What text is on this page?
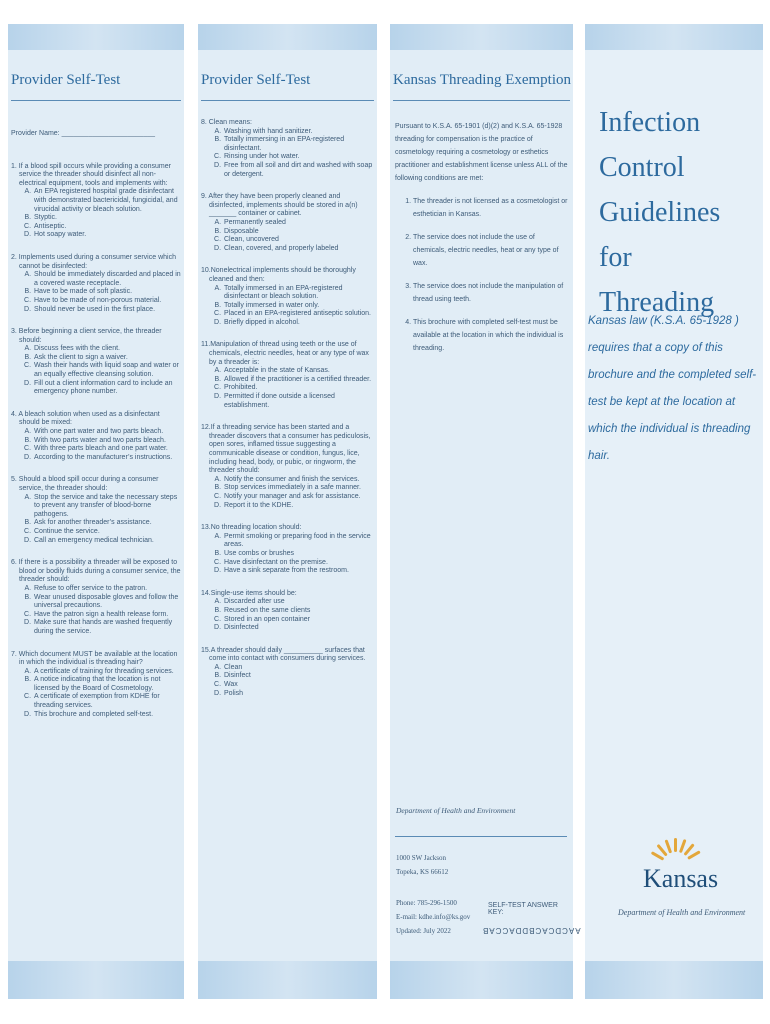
Provider Self-Test
Provider Name: ________________________
1. If a blood spill occurs while providing a consumer service the threader should disinfect all non-electrical equipment, tools and implements with:
A. An EPA registered hospital grade disinfectant with demonstrated bactericidal, fungicidal, and virucidal activity or bleach solution.
B. Styptic.
C. Antiseptic.
D. Hot soapy water.
2. Implements used during a consumer service which cannot be disinfected:
A. Should be immediately discarded and placed in a covered waste receptacle.
B. Have to be made of soft plastic.
C. Have to be made of non-porous material.
D. Should never be used in the first place.
3. Before beginning a client service, the threader should:
A. Discuss fees with the client.
B. Ask the client to sign a waiver.
C. Wash their hands with liquid soap and water or an equally effective cleansing solution.
D. Fill out a client information card to include an emergency phone number.
4. A bleach solution when used as a disinfectant should be mixed:
A. With one part water and two parts bleach.
B. With two parts water and two parts bleach.
C. With three parts bleach and one part water.
D. According to the manufacturer’s instructions.
5. Should a blood spill occur during a consumer service, the threader should:
A. Stop the service and take the necessary steps to prevent any transfer of blood-borne pathogens.
B. Ask for another threader’s assistance.
C. Continue the service.
D. Call an emergency medical technician.
6. If there is a possibility a threader will be exposed to blood or bodily fluids during a consumer service, the threader should:
A. Refuse to offer service to the patron.
B. Wear unused disposable gloves and follow the universal precautions.
C. Have the patron sign a health release form.
D. Make sure that hands are washed frequently during the service.
7. Which document MUST be available at the location in which the individual is threading hair?
A. A certificate of training for threading services.
B. A notice indicating that the location is not licensed by the Board of Cosmetology.
C. A certificate of exemption from KDHE for threading services.
D. This brochure and completed self-test.
Provider Self-Test
8. Clean means:
A. Washing with hand sanitizer.
B. Totally immersing in an EPA-registered disinfectant.
C. Rinsing under hot water.
D. Free from all soil and dirt and washed with soap or detergent.
9. After they have been properly cleaned and disinfected, implements should be stored in a(n) _______ container or cabinet.
A. Permanently sealed
B. Disposable
C. Clean, uncovered
D. Clean, covered, and properly labeled
10.Nonelectrical implements should be thoroughly cleaned and then:
A. Totally immersed in an EPA-registered disinfectant or bleach solution.
B. Totally immersed in water only.
C. Placed in an EPA-registered antiseptic solution.
D. Briefly dipped in alcohol.
11.Manipulation of thread using teeth or the use of chemicals, electric needles, heat or any type of wax by a threader is:
A. Acceptable in the state of Kansas.
B. Allowed if the practitioner is a certified threader.
C. Prohibited.
D. Permitted if done outside a licensed establishment.
12.If a threading service has been started and a threader discovers that a consumer has pediculosis, open sores, inflamed tissue suggesting a communicable disease or condition, fungus, lice, including head, body, or pubic, or ringworm, the threader should:
A. Notify the consumer and finish the services.
B. Stop services immediately in a safe manner.
C. Notify your manager and ask for assistance.
D. Report it to the KDHE.
13.No threading location should:
A. Permit smoking or preparing food in the service areas.
B. Use combs or brushes
C. Have disinfectant on the premise.
D. Have a sink separate from the restroom.
14.Single-use items should be:
A. Discarded after use
B. Reused on the same clients
C. Stored in an open container
D. Disinfected
15.A threader should daily __________ surfaces that come into contact with consumers during services.
A. Clean
B. Disinfect
C. Wax
D. Polish
Kansas Threading Exemption
Pursuant to K.S.A. 65-1901 (d)(2) and K.S.A. 65-1928 threading for compensation is the practice of cosmetology requiring a cosmetology or esthetics practitioner and establishment license unless ALL of the following conditions are met:
1. The threader is not licensed as a cosmetologist or esthetician in Kansas.
2. The service does not include the use of chemicals, electric needles, heat or any type of wax.
3. The service does not include the manipulation of thread using teeth.
4. This brochure with completed self-test must be available at the location in which the individual is threading.
Department of Health and Environment
1000 SW Jackson
Topeka, KS 66612
Phone: 785-296-1500
E-mail: kdhe.info@ks.gov
Updated: July 2022
SELF-TEST ANSWER KEY:
AACDCACBDDACCAB
Infection Control
Guidelines for
Threading
Kansas law (K.S.A. 65-1928 ) requires that a copy of this brochure and the completed self-test be kept at the location at which the individual is threading hair.
Kansas
Department of Health and Environment
